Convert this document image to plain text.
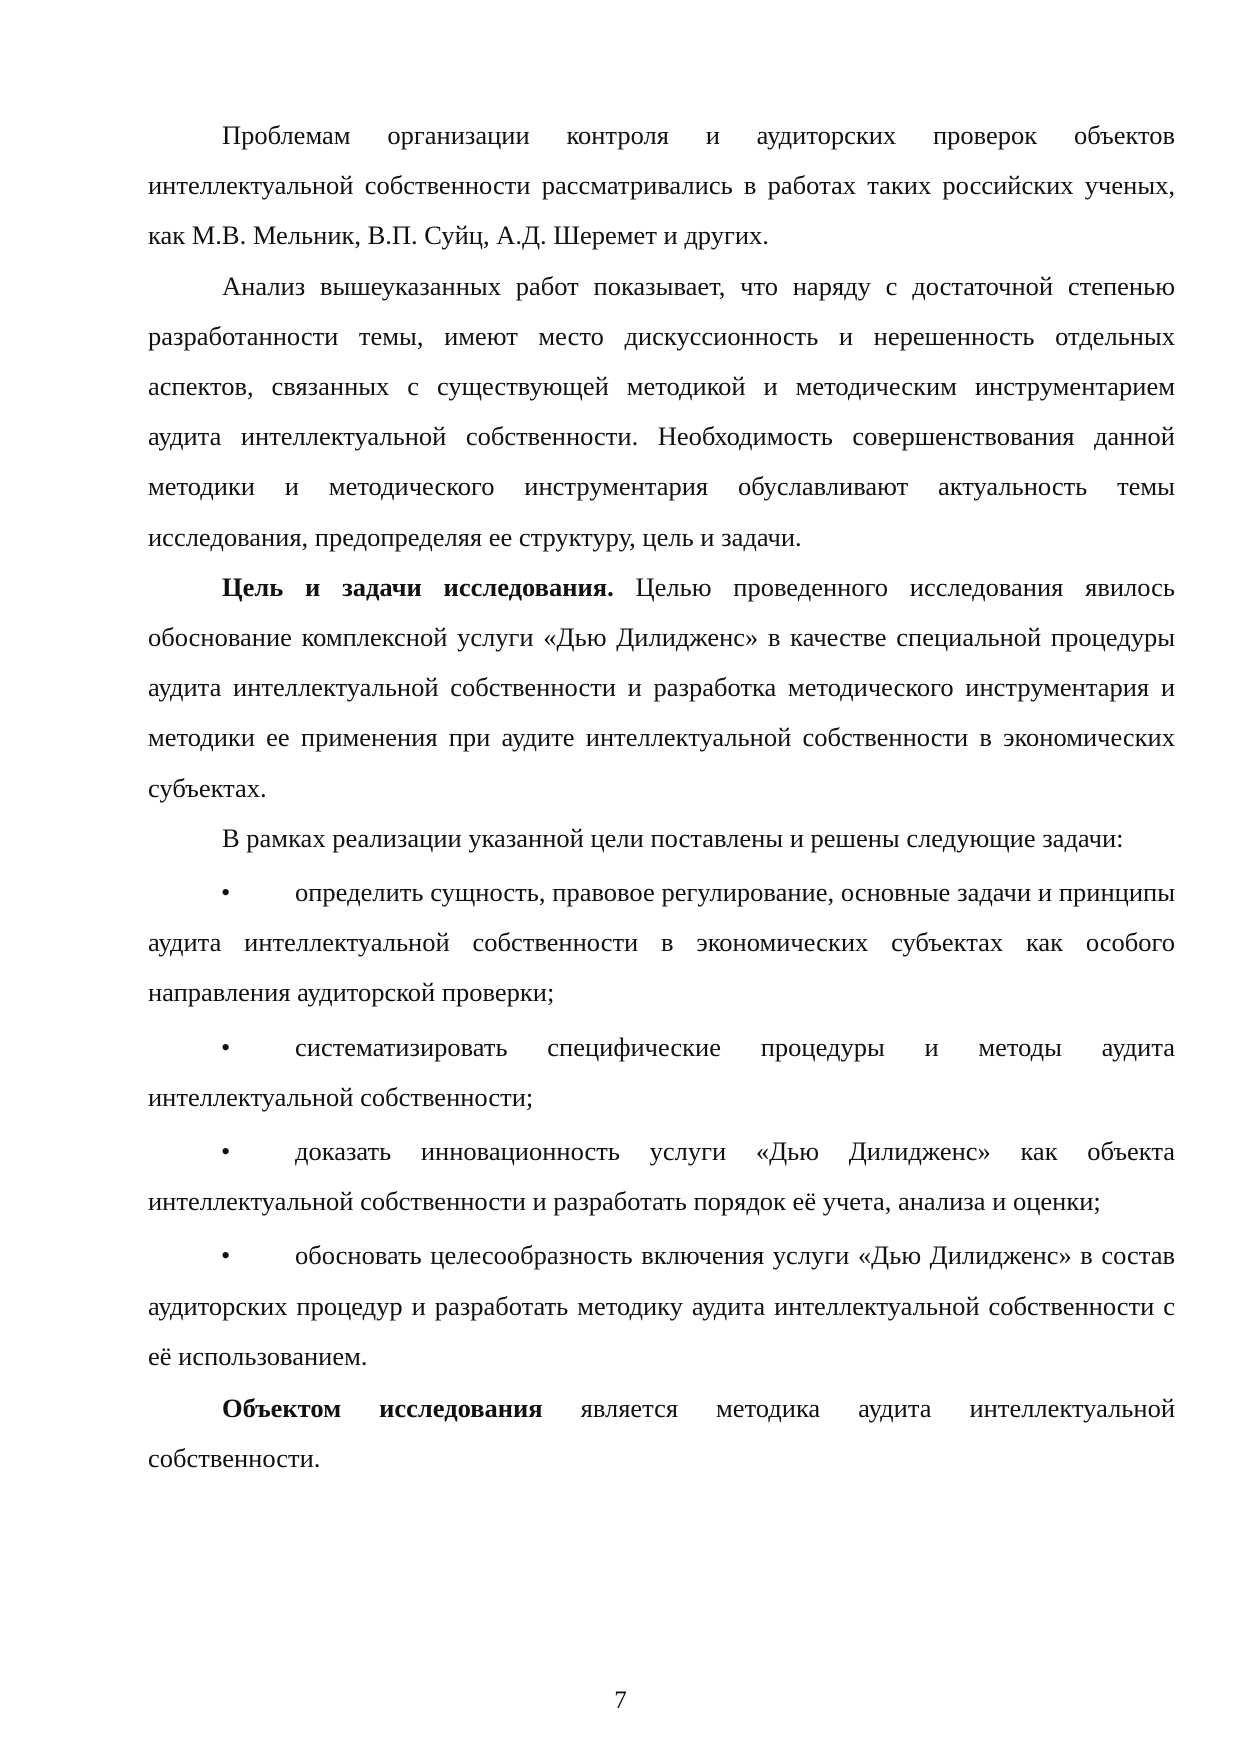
Проблемам организации контроля и аудиторских проверок объектов интеллектуальной собственности рассматривались в работах таких российских ученых, как М.В. Мельник, В.П. Суйц, А.Д. Шеремет и других.

Анализ вышеуказанных работ показывает, что наряду с достаточной степенью разработанности темы, имеют место дискуссионность и нерешенность отдельных аспектов, связанных с существующей методикой и методическим инструментарием аудита интеллектуальной собственности. Необходимость совершенствования данной методики и методического инструментария обуславливают актуальность темы исследования, предопределяя ее структуру, цель и задачи.

Цель и задачи исследования. Целью проведенного исследования явилось обоснование комплексной услуги «Дью Дилидженс» в качестве специальной процедуры аудита интеллектуальной собственности и разработка методического инструментария и методики ее применения при аудите интеллектуальной собственности в экономических субъектах.

В рамках реализации указанной цели поставлены и решены следующие задачи:

• определить сущность, правовое регулирование, основные задачи и принципы аудита интеллектуальной собственности в экономических субъектах как особого направления аудиторской проверки;

• систематизировать специфические процедуры и методы аудита интеллектуальной собственности;

• доказать инновационность услуги «Дью Дилидженс» как объекта интеллектуальной собственности и разработать порядок её учета, анализа и оценки;

• обосновать целесообразность включения услуги «Дью Дилидженс» в состав аудиторских процедур и разработать методику аудита интеллектуальной собственности с её использованием.

Объектом исследования является методика аудита интеллектуальной собственности.

7
